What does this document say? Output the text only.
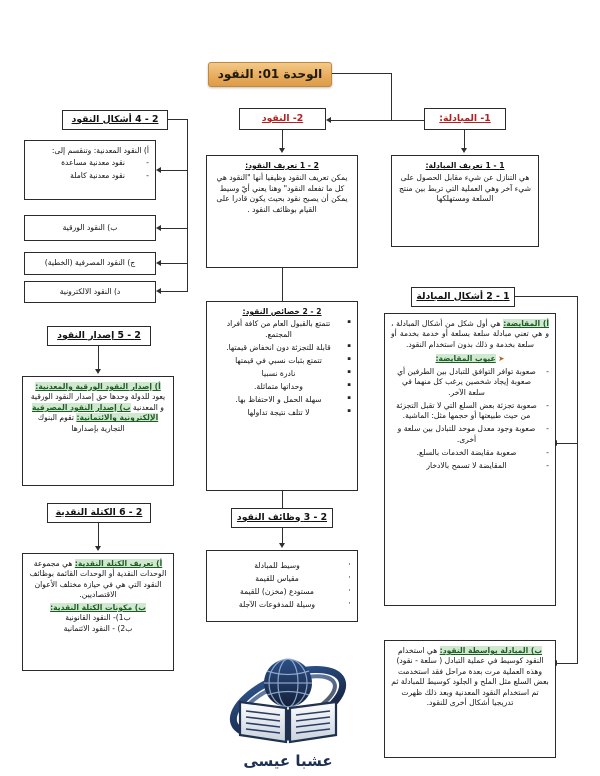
الوحدة 01: النقود
1- المبادلة:
1 - 1 تعريف المبادلة:
هي التنازل عن شيء مقابل الحصول على شيء آخر وهي العملية التي تربط بين منتج السلعة ومستهلكها
1 - 2 أشكال المبادلة

أ) المقايضة: هي أول شكل من أشكال المبادلة ، و هي تعني مبادلة سلعة بسلعة أو خدمة بخدمة أو سلعة بخدمة و ذلك بدون استخدام النقود.

➤ عيوب المقايضة:

- صعوبة توافر التوافق للتبادل بين الطرفين أي صعوبة إيجاد شخصين يرغب كل منهما في سلعة الآخر.
- صعوبة تجزئة بعض السلع التي لا تقبل التجزئة من حيث طبيعتها أو حجمها مثل: الماشية.
- صعوبة وجود معدل موحد للتبادل بين سلعة و أخرى.
- صعوبة مقايضة الخدمات بالسلع.
- المقايضة لا تسمح بالادخار
ب) المبادلة بواسطة النقود: هي استخدام النقود كوسيط في عملية التبادل ( سلعة - نقود) وهذه العملية مرت بعدة مراحل فقد استخدمت بعض السلع مثل الملح و الجلود كوسيط للمبادلة ثم تم استخدام النقود المعدنية وبعد ذلك ظهرت تدريجيا أشكال أخرى للنقود.
2- النقود
2 - 1 تعريف النقود:
يمكن تعريف النقود وظيفيا أنها "النقود هي كل ما تفعله النقود" وهنا يعني أيّ وسيط يمكن أن يصبح نقود بحيث يكون قادرا على القيام بوظائف النقود .
2 - 2 خصائص النقود:
▪ تتمتع بالقبول العام من كافة أفراد المجتمع.
▪ قابلة للتجزئة دون انخفاض قيمتها.
▪ تتمتع بثبات نسبي في قيمتها
▪ نادرة نسبيا
▪ وحداتها متماثلة.
▪ سهلة الحمل و الاحتفاظ بها.
▪ لا تتلف نتيجة تداولها
2 - 3 وظائف النقود
· وسيط للمبادلة
· مقياس للقيمة
· مستودع (مخزن) للقيمة
· وسيلة للمدفوعات الآجلة
2 - 4 أشكال النقود
أ) النقود المعدنية: وتنقسم إلى:
- نقود معدنية مساعدة
- نقود معدنية كاملة
ب) النقود الورقية
ج) النقود المصرفية (الخطية)
د) النقود الالكترونية
2 - 5 إصدار النقود
أ) إصدار النقود الورقية والمعدنية: يعود للدولة وحدها حق إصدار النقود الورقية و المعدنية ب) إصدار النقود المصرفية الإلكترونية والائتمانية: تقوم البنوك التجارية بإصدارها
2 - 6 الكتلة النقدية
أ) تعريف الكتلة النقدية: هي مجموعة الوحدات النقدية أو الوحدات القائمة بوظائف النقود التي هي في حيازة مختلف الأعوان الاقتصاديين.
ب) مكونات الكتلة النقدية:
ب1)- النقود القانونية
ب2) - النقود الائتمانية
عشبا عيسى
